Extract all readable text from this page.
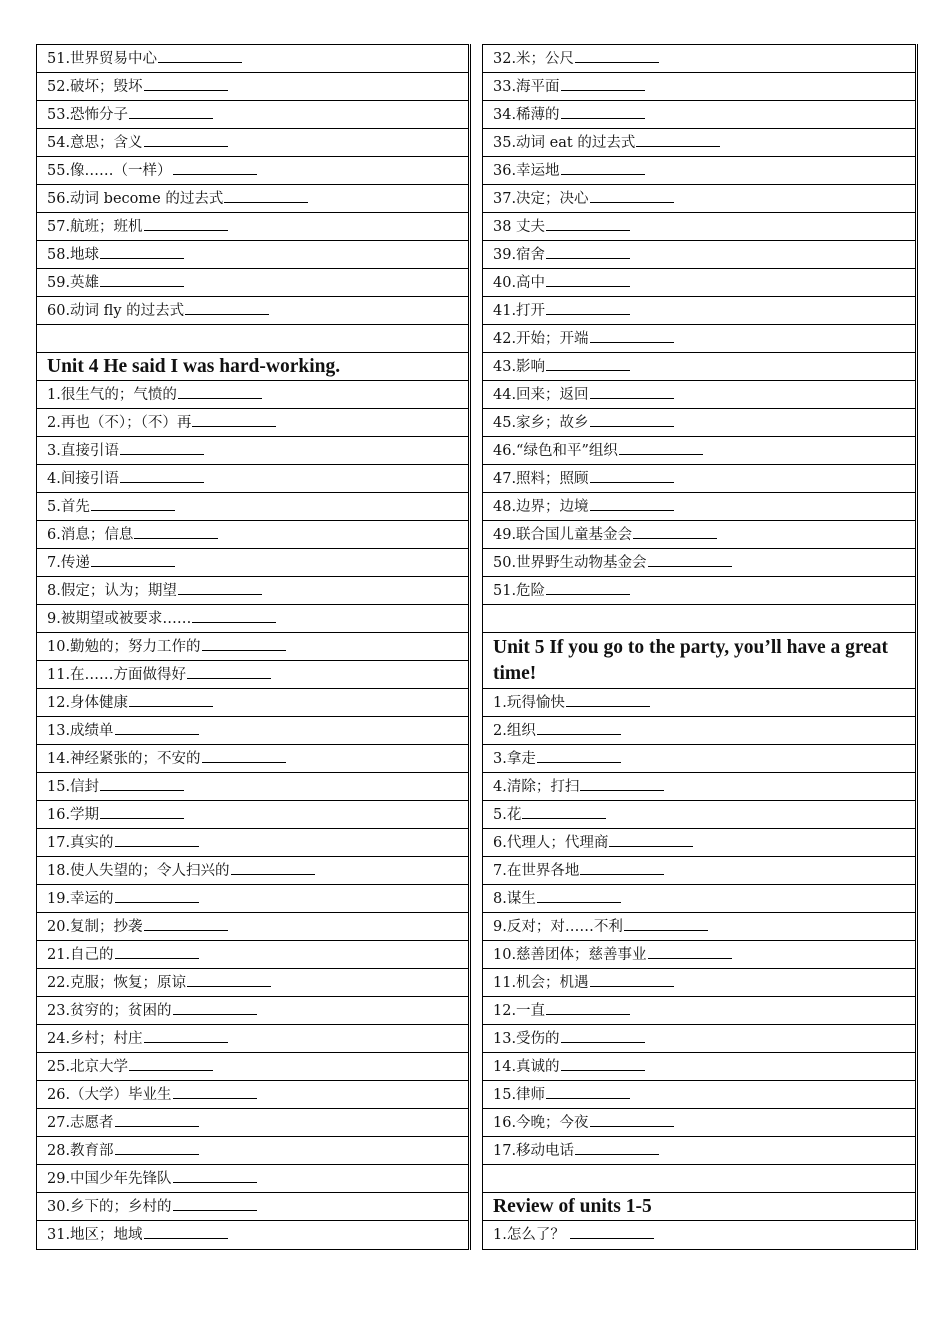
51.世界贸易中心
52.破坏；毁坏
53.恐怖分子
54.意思；含义
55.像……（一样）
56.动词 become 的过去式
57.航班；班机
58.地球
59.英雄
60.动词 fly 的过去式
Unit 4 He said I was hard-working.
1.很生气的；气愤的
2.再也（不）；（不）再
3.直接引语
4.间接引语
5.首先
6.消息；信息
7.传递
8.假定；认为；期望
9.被期望或被要求……
10.勤勉的；努力工作的
11.在……方面做得好
12.身体健康
13.成绩单
14.神经紧张的；不安的
15.信封
16.学期
17.真实的
18.使人失望的；令人扫兴的
19.幸运的
20.复制；抄袭
21.自己的
22.克服；恢复；原谅
23.贫穷的；贫困的
24.乡村；村庄
25.北京大学
26.（大学）毕业生
27.志愿者
28.教育部
29.中国少年先锋队
30.乡下的；乡村的
31.地区；地域
32.米；公尺
33.海平面
34.稀薄的
35.动词 eat 的过去式
36.幸运地
37.决定；决心
38 丈夫
39.宿舍
40.高中
41.打开
42.开始；开端
43.影响
44.回来；返回
45.家乡；故乡
46.“绿色和平”组织
47.照料；照顾
48.边界；边境
49.联合国儿童基金会
50.世界野生动物基金会
51.危险
Unit 5 If you go to the party, you’ll have a great time!
1.玩得愉快
2.组织
3.拿走
4.清除；打扫
5.花
6.代理人；代理商
7.在世界各地
8.谋生
9.反对；对……不利
10.慈善团体；慈善事业
11.机会；机遇
12.一直
13.受伤的
14.真诚的
15.律师
16.今晚；今夜
17.移动电话
Review of units 1-5
1.怎么了？
